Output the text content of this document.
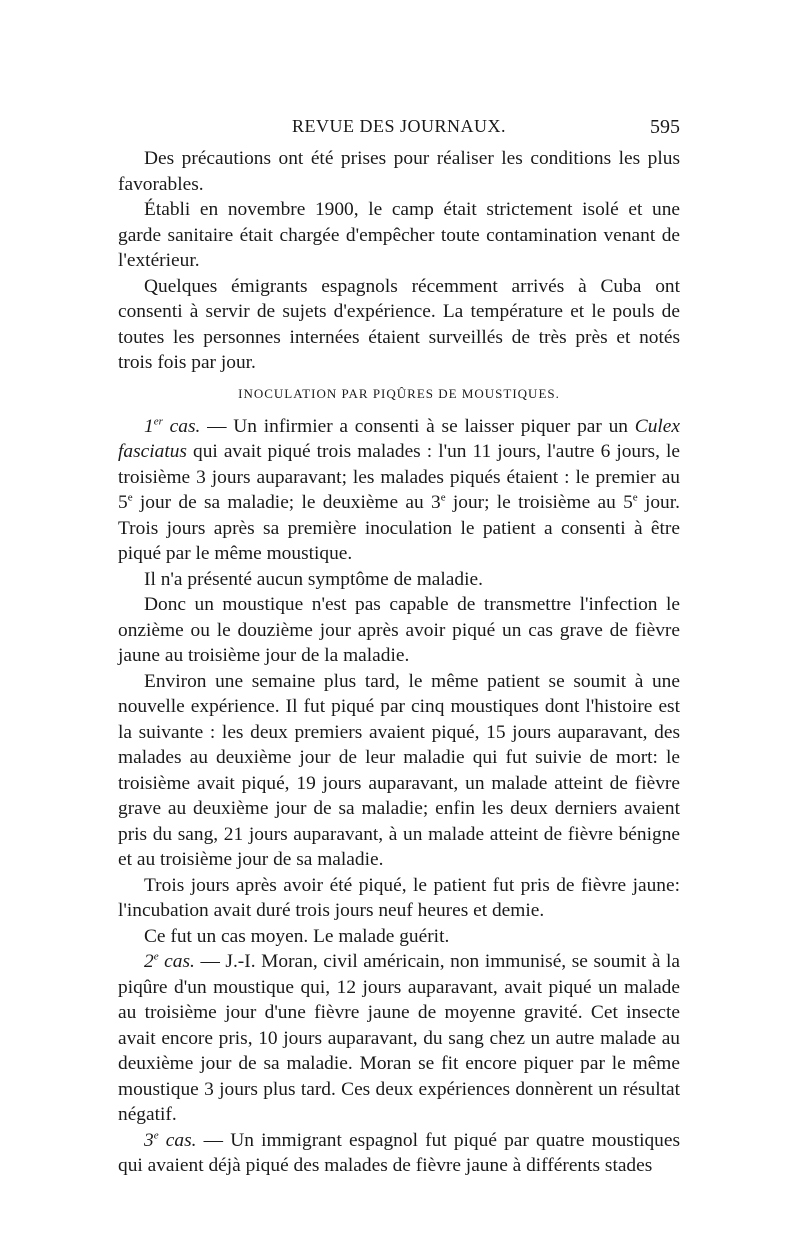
REVUE DES JOURNAUX.	595

Des précautions ont été prises pour réaliser les conditions les plus favorables.

Établi en novembre 1900, le camp était strictement isolé et une garde sanitaire était chargée d'empêcher toute contamination venant de l'extérieur.

Quelques émigrants espagnols récemment arrivés à Cuba ont consenti à servir de sujets d'expérience. La température et le pouls de toutes les personnes internées étaient surveillés de très près et notés trois fois par jour.

INOCULATION PAR PIQÛRES DE MOUSTIQUES.

1er cas. — Un infirmier a consenti à se laisser piquer par un Culex fasciatus qui avait piqué trois malades : l'un 11 jours, l'autre 6 jours, le troisième 3 jours auparavant; les malades piqués étaient : le premier au 5e jour de sa maladie; le deuxième au 3e jour; le troisième au 5e jour. Trois jours après sa première inoculation le patient a consenti à être piqué par le même moustique.

Il n'a présenté aucun symptôme de maladie.

Donc un moustique n'est pas capable de transmettre l'infection le onzième ou le douzième jour après avoir piqué un cas grave de fièvre jaune au troisième jour de la maladie.

Environ une semaine plus tard, le même patient se soumit à une nouvelle expérience. Il fut piqué par cinq moustiques dont l'histoire est la suivante : les deux premiers avaient piqué, 15 jours auparavant, des malades au deuxième jour de leur maladie qui fut suivie de mort: le troisième avait piqué, 19 jours auparavant, un malade atteint de fièvre grave au deuxième jour de sa maladie; enfin les deux derniers avaient pris du sang, 21 jours auparavant, à un malade atteint de fièvre bénigne et au troisième jour de sa maladie.

Trois jours après avoir été piqué, le patient fut pris de fièvre jaune: l'incubation avait duré trois jours neuf heures et demie.

Ce fut un cas moyen. Le malade guérit.

2e cas. — J.-I. Moran, civil américain, non immunisé, se soumit à la piqûre d'un moustique qui, 12 jours auparavant, avait piqué un malade au troisième jour d'une fièvre jaune de moyenne gravité. Cet insecte avait encore pris, 10 jours auparavant, du sang chez un autre malade au deuxième jour de sa maladie. Moran se fit encore piquer par le même moustique 3 jours plus tard. Ces deux expériences donnèrent un résultat négatif.

3e cas. — Un immigrant espagnol fut piqué par quatre moustiques qui avaient déjà piqué des malades de fièvre jaune à différents stades
